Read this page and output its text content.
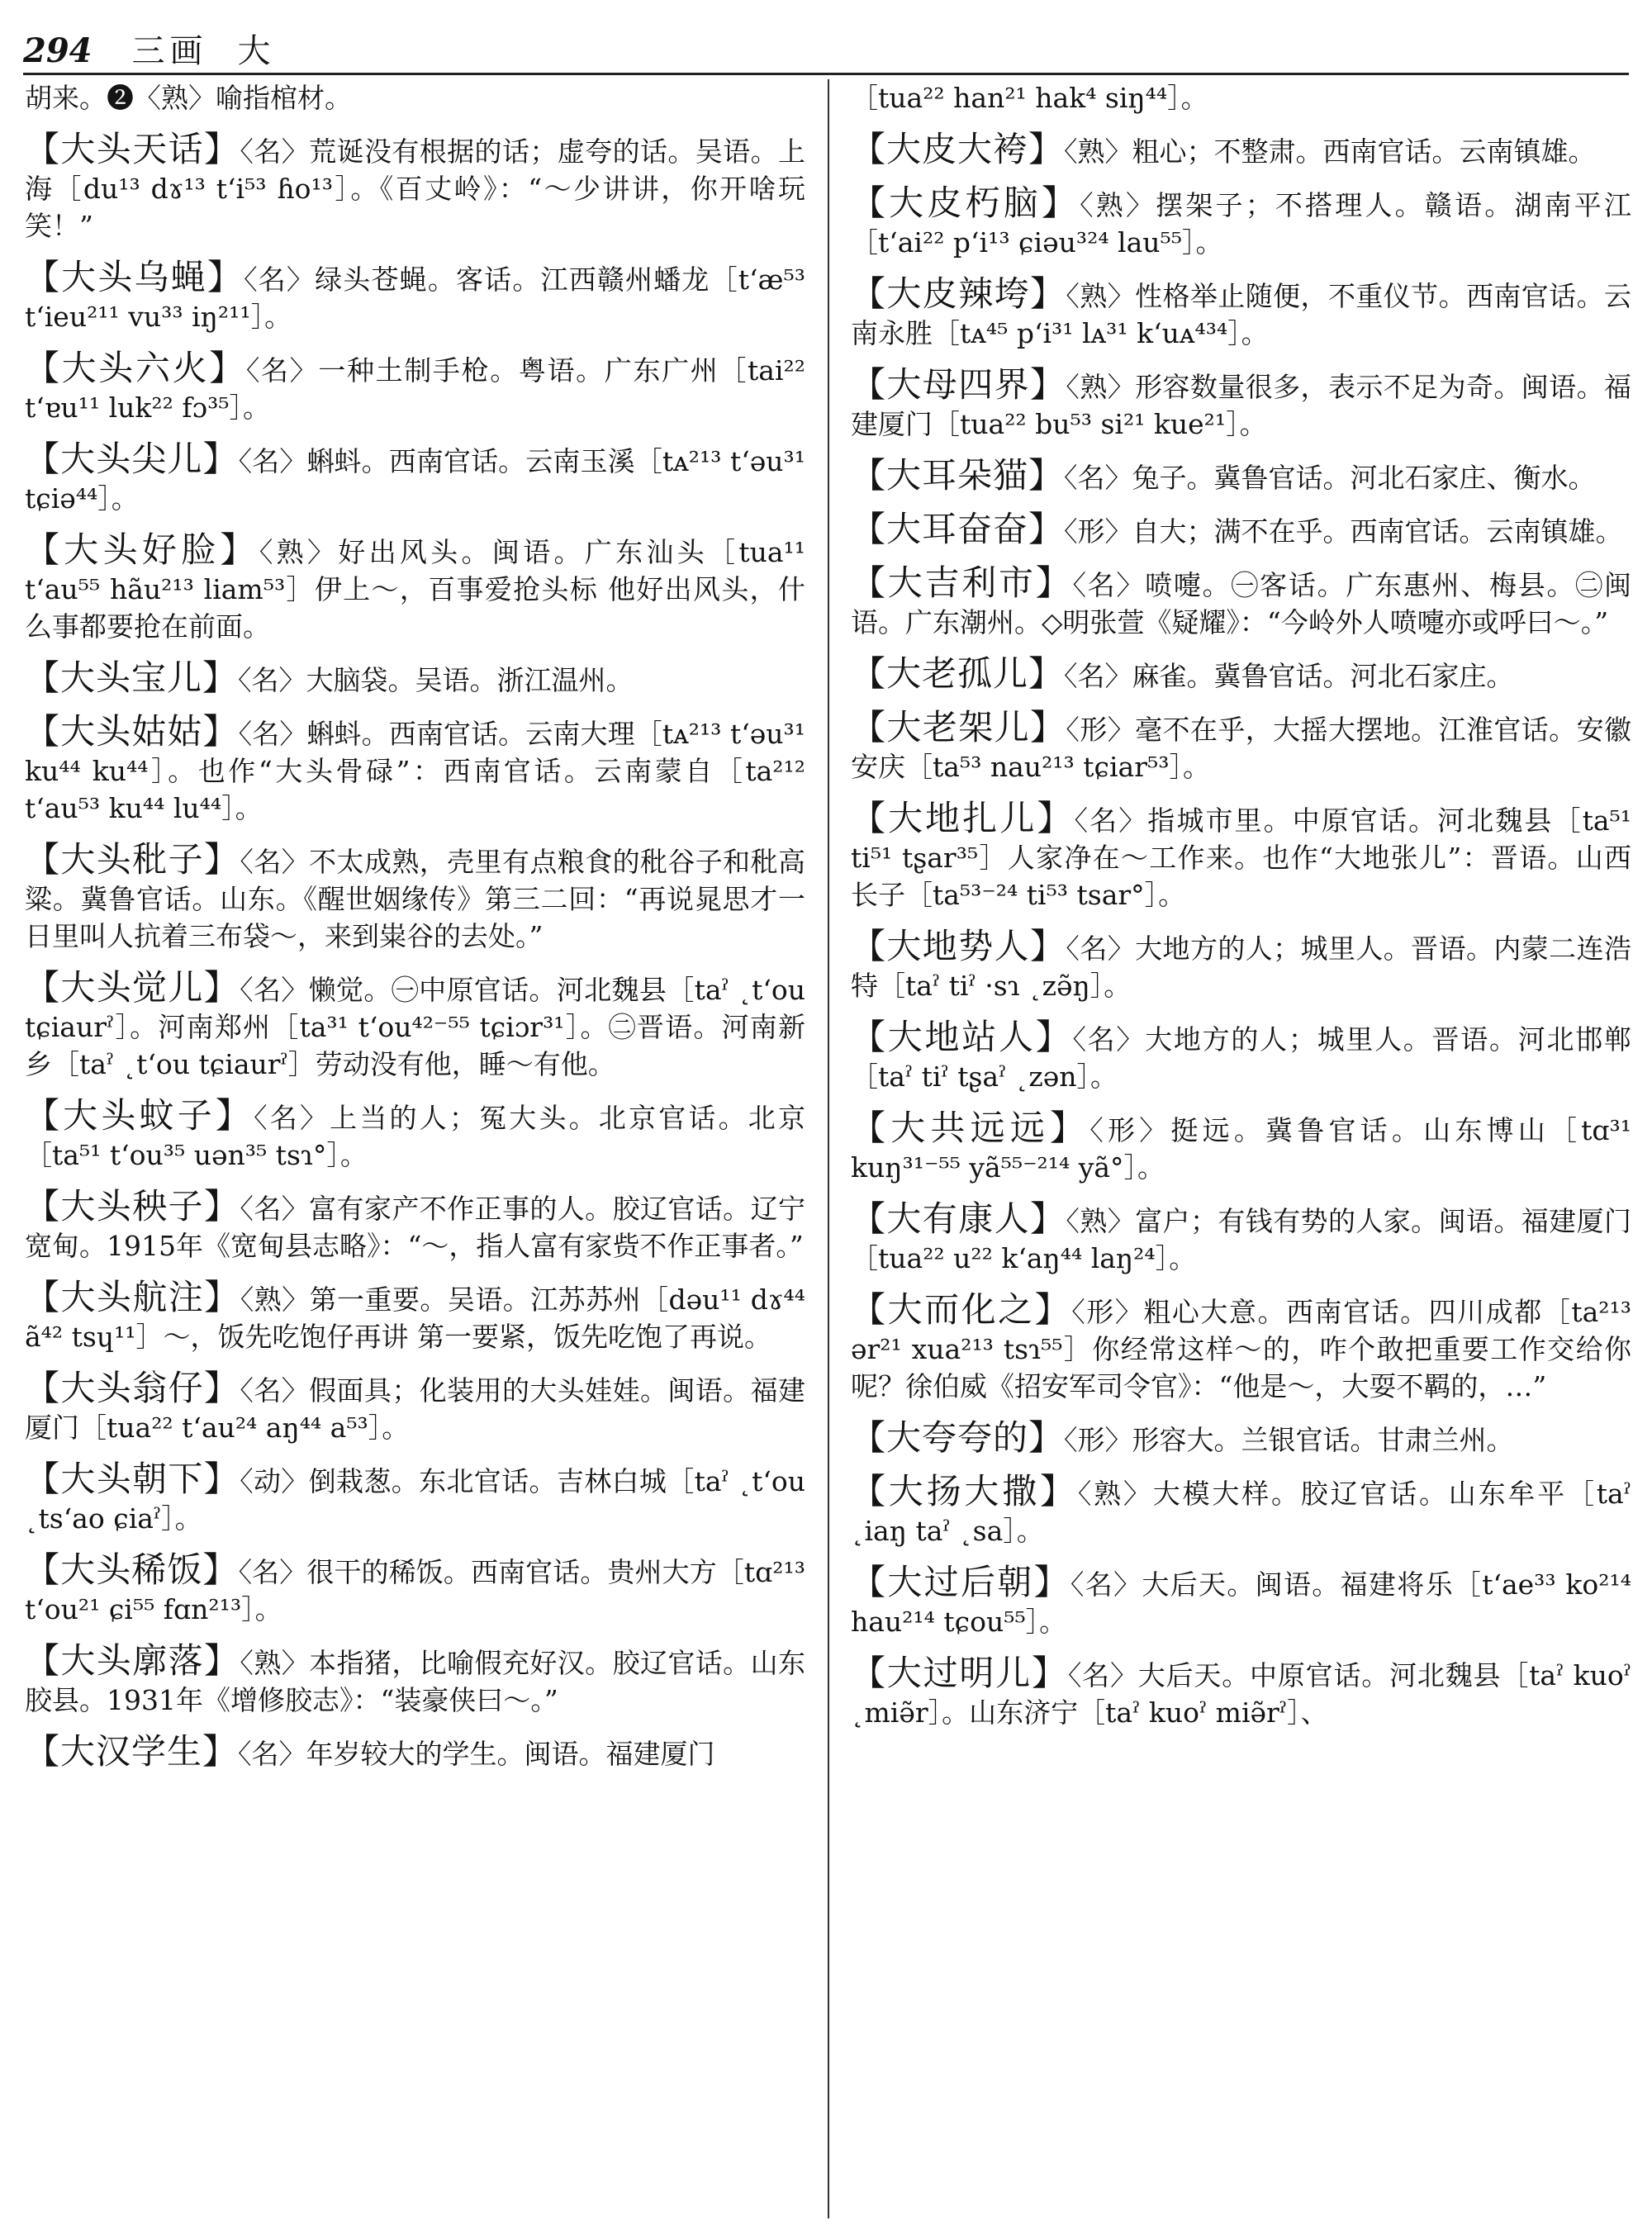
294 三画 大

胡来。❷〈熟〉喻指棺材。

【大头天话】〈名〉荒诞没有根据的话；虚夸的话。吴语。上海［du¹³ dɤ¹³ tʻi⁵³ ɦo¹³］。《百丈岭》：“～少讲讲，你开啥玩笑！”

【大头乌蝇】〈名〉绿头苍蝇。客话。江西赣州蟠龙［tʻæ⁵³ tʻieu²¹¹ vu³³ iŋ²¹¹］。

【大头六火】〈名〉一种土制手枪。粤语。广东广州［tai²² tʻɐu¹¹ luk²² fɔ³⁵］。

【大头尖儿】〈名〉蝌蚪。西南官话。云南玉溪［tᴀ²¹³ tʻəu³¹ tɕiə⁴⁴］。

【大头好脸】〈熟〉好出风头。闽语。广东汕头［tua¹¹ tʻau⁵⁵ hãu²¹³ liam⁵³］伊上～，百事爱抢头标 他好出风头，什么事都要抢在前面。

【大头宝儿】〈名〉大脑袋。吴语。浙江温州。

【大头姑姑】〈名〉蝌蚪。西南官话。云南大理［tᴀ²¹³ tʻəu³¹ ku⁴⁴ ku⁴⁴］。也作“大头骨碌”：西南官话。云南蒙自［ta²¹² tʻau⁵³ ku⁴⁴ lu⁴⁴］。

【大头秕子】〈名〉不太成熟，壳里有点粮食的秕谷子和秕高粱。冀鲁官话。山东。《醒世姻缘传》第三二回：“再说晁思才一日里叫人抗着三布袋～，来到粜谷的去处。”

【大头觉儿】〈名〉懒觉。㊀中原官话。河北魏县［taˀ ˛tʻou tɕiaurˀ］。河南郑州［ta³¹ tʻou⁴²⁻⁵⁵ tɕiɔr³¹］。㊁晋语。河南新乡［taˀ ˛tʻou tɕiaurˀ］劳动没有他，睡～有他。

【大头蚊子】〈名〉上当的人；冤大头。北京官话。北京［ta⁵¹ tʻou³⁵ uən³⁵ tsɿ°］。

【大头秧子】〈名〉富有家产不作正事的人。胶辽官话。辽宁宽甸。1915年《宽甸县志略》：“～，指人富有家赀不作正事者。”

【大头航注】〈熟〉第一重要。吴语。江苏苏州［dəu¹¹ dɤ⁴⁴ ã⁴² tsɥ¹¹］～，饭先吃饱仔再讲 第一要紧，饭先吃饱了再说。

【大头翁仔】〈名〉假面具；化装用的大头娃娃。闽语。福建厦门［tua²² tʻau²⁴ aŋ⁴⁴ a⁵³］。

【大头朝下】〈动〉倒栽葱。东北官话。吉林白城［taˀ ˛tʻou ˛tsʻao ɕiaˀ］。

【大头稀饭】〈名〉很干的稀饭。西南官话。贵州大方［tɑ²¹³ tʻou²¹ ɕi⁵⁵ fɑn²¹³］。

【大头廓落】〈熟〉本指猪，比喻假充好汉。胶辽官话。山东胶县。1931年《增修胶志》：“装豪侠曰～。”

【大汉学生】〈名〉年岁较大的学生。闽语。福建厦门

［tua²² han²¹ hak⁴ siŋ⁴⁴］。

【大皮大袴】〈熟〉粗心；不整肃。西南官话。云南镇雄。

【大皮朽脑】〈熟〉摆架子；不搭理人。赣语。湖南平江［tʻai²² pʻi¹³ ɕiəu³²⁴ lau⁵⁵］。

【大皮辣垮】〈熟〉性格举止随便，不重仪节。西南官话。云南永胜［tᴀ⁴⁵ pʻi³¹ lᴀ³¹ kʻuᴀ⁴³⁴］。

【大母四界】〈熟〉形容数量很多，表示不足为奇。闽语。福建厦门［tua²² bu⁵³ si²¹ kue²¹］。

【大耳朵猫】〈名〉兔子。冀鲁官话。河北石家庄、衡水。

【大耳奋奋】〈形〉自大；满不在乎。西南官话。云南镇雄。

【大吉利市】〈名〉喷嚏。㊀客话。广东惠州、梅县。㊁闽语。广东潮州。◇明张萱《疑耀》：“今岭外人喷嚏亦或呼曰～。”

【大老孤儿】〈名〉麻雀。冀鲁官话。河北石家庄。

【大老架儿】〈形〉毫不在乎，大摇大摆地。江淮官话。安徽安庆［ta⁵³ nau²¹³ tɕiar⁵³］。

【大地扎儿】〈名〉指城市里。中原官话。河北魏县［ta⁵¹ ti⁵¹ tʂar³⁵］人家净在～工作来。也作“大地张儿”：晋语。山西长子［ta⁵³⁻²⁴ ti⁵³ tsar°］。

【大地势人】〈名〉大地方的人；城里人。晋语。内蒙二连浩特［taˀ tiˀ ·sɿ ˛zə̃ŋ］。

【大地站人】〈名〉大地方的人；城里人。晋语。河北邯郸［taˀ tiˀ tʂaˀ ˛zən］。

【大共远远】〈形〉挺远。冀鲁官话。山东博山［tɑ³¹ kuŋ³¹⁻⁵⁵ yã⁵⁵⁻²¹⁴ yã°］。

【大有康人】〈熟〉富户；有钱有势的人家。闽语。福建厦门［tua²² u²² kʻaŋ⁴⁴ laŋ²⁴］。

【大而化之】〈形〉粗心大意。西南官话。四川成都［ta²¹³ ər²¹ xua²¹³ tsɿ⁵⁵］你经常这样～的，咋个敢把重要工作交给你呢？徐伯威《招安军司令官》：“他是～，大耍不羁的，…”

【大夸夸的】〈形〉形容大。兰银官话。甘肃兰州。

【大扬大撒】〈熟〉大模大样。胶辽官话。山东牟平［taˀ ˛iaŋ taˀ ˛sa］。

【大过后朝】〈名〉大后天。闽语。福建将乐［tʻae³³ ko²¹⁴ hau²¹⁴ tɕou⁵⁵］。

【大过明儿】〈名〉大后天。中原官话。河北魏县［taˀ kuoˀ ˛miə̃r］。山东济宁［taˀ kuoˀ miə̃rˀ］、
